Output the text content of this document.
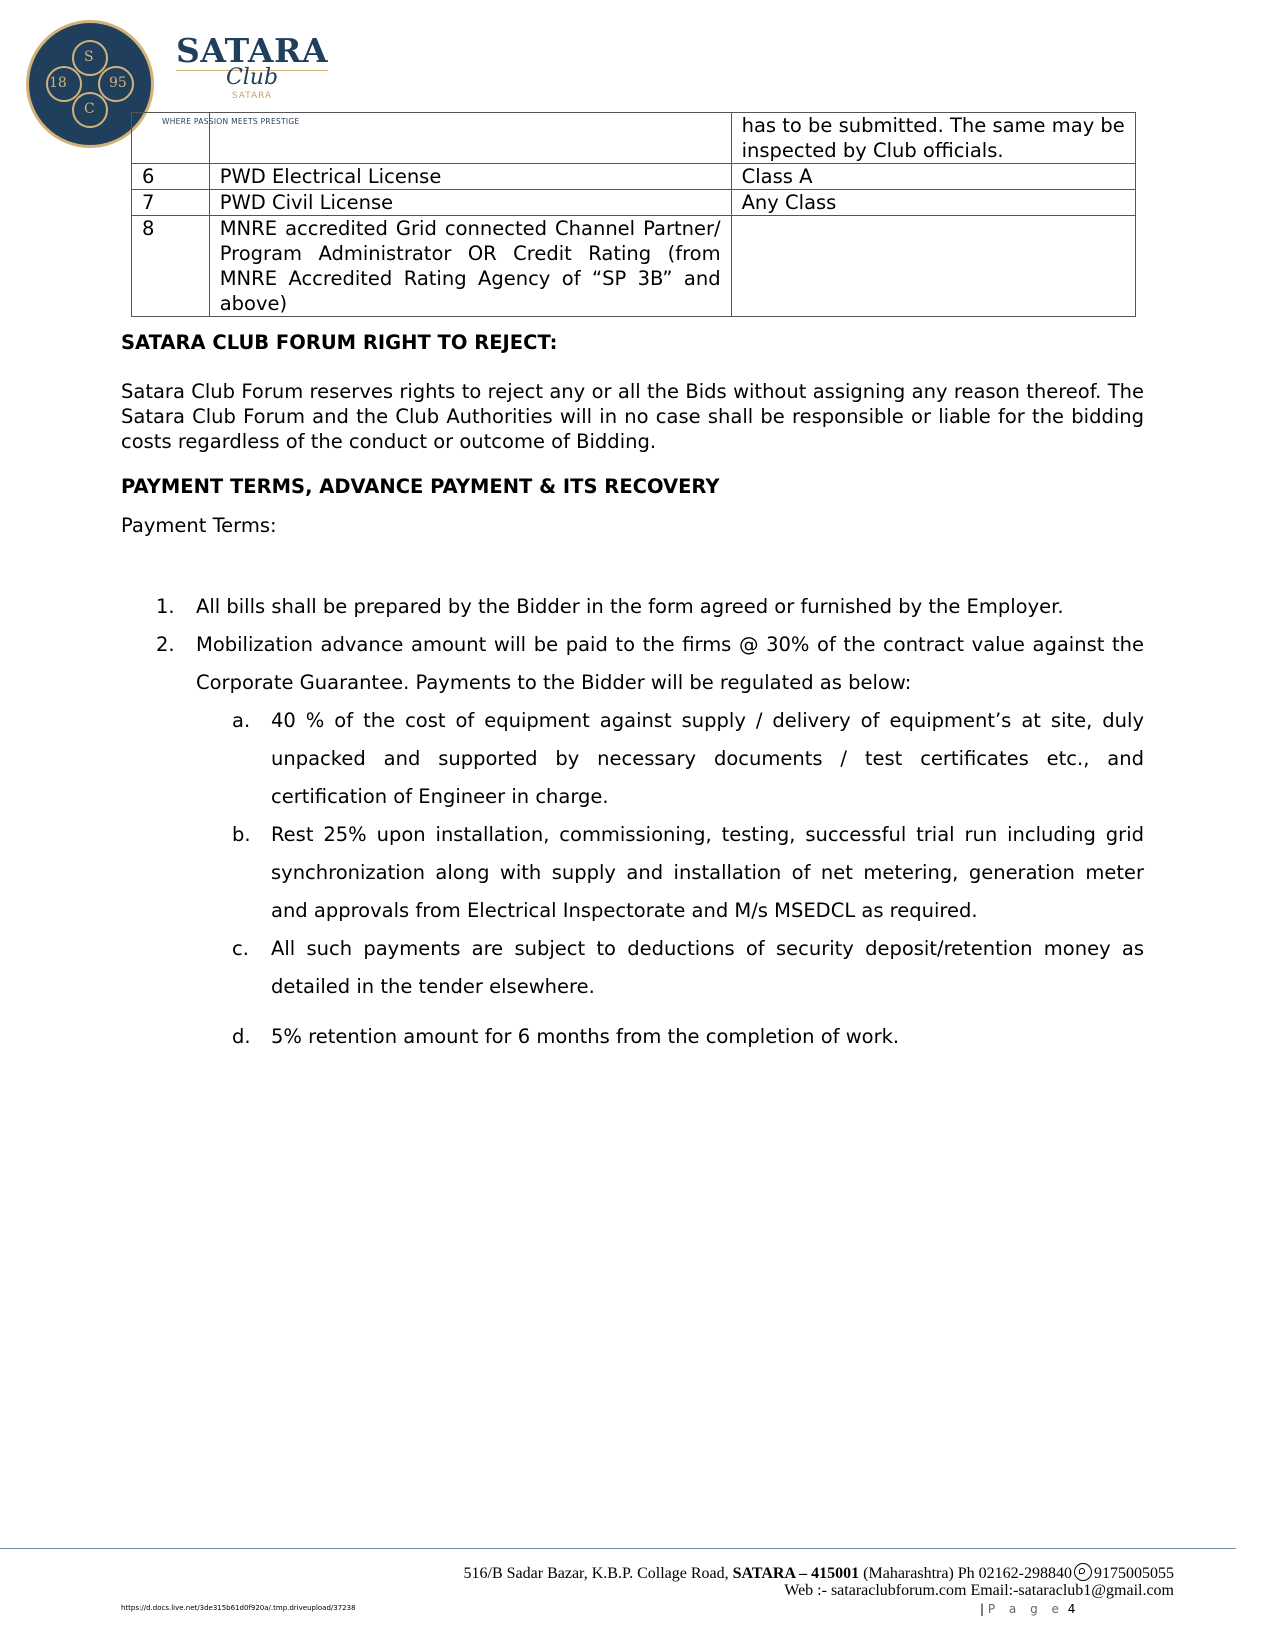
S
18	95
C
SATARA
Club
SATARA
WHERE PASSION MEETS PRESTIGE
			has to be submitted. The same may be inspected by Club officials.
6	PWD Electrical License	Class A
7	PWD Civil License	Any Class
8	MNRE accredited Grid connected Channel Partner/ Program Administrator OR Credit Rating (from MNRE Accredited Rating Agency of “SP 3B” and above)	
SATARA CLUB FORUM RIGHT TO REJECT:
Satara Club Forum reserves rights to reject any or all the Bids without assigning any reason thereof. The Satara Club Forum and the Club Authorities will in no case shall be responsible or liable for the bidding costs regardless of the conduct or outcome of Bidding.
PAYMENT TERMS, ADVANCE PAYMENT & ITS RECOVERY
Payment Terms:
1. All bills shall be prepared by the Bidder in the form agreed or furnished by the Employer.
2. Mobilization advance amount will be paid to the firms @ 30% of the contract value against the Corporate Guarantee. Payments to the Bidder will be regulated as below:
a. 40 % of the cost of equipment against supply / delivery of equipment’s at site, duly unpacked and supported by necessary documents / test certificates etc., and certification of Engineer in charge.
b. Rest 25% upon installation, commissioning, testing, successful trial run including grid synchronization along with supply and installation of net metering, generation meter and approvals from Electrical Inspectorate and M/s MSEDCL as required.
c. All such payments are subject to deductions of security deposit/retention money as detailed in the tender elsewhere.
d. 5% retention amount for 6 months from the completion of work.
516/B Sadar Bazar, K.B.P. Collage Road, SATARA – 415001 (Maharashtra) Ph 02162-298840 9175005055
Web :- sataraclubforum.com Email:-sataraclub1@gmail.com
| P a g e 4
https://d.docs.live.net/3de315b61d0f920a/.tmp.driveupload/37238
